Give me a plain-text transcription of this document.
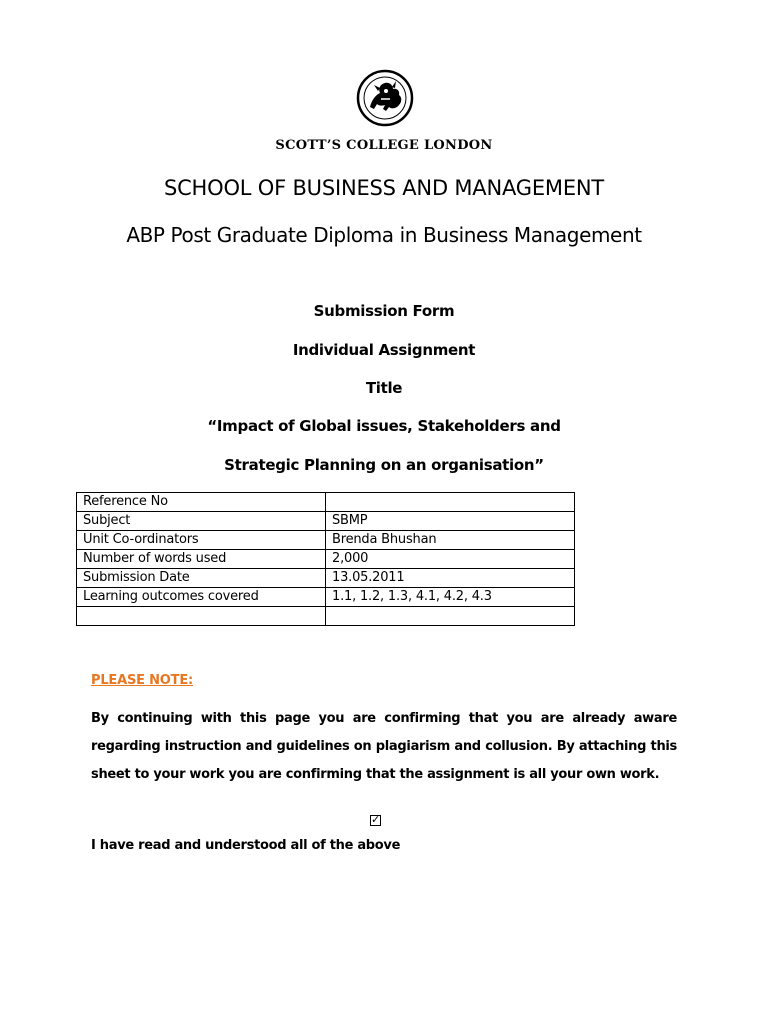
SCOTT’S COLLEGE LONDON
SCHOOL OF BUSINESS AND MANAGEMENT
ABP Post Graduate Diploma in Business Management
Submission Form
Individual Assignment
Title
“Impact of Global issues, Stakeholders and
Strategic Planning on an organisation”
Reference No	
Subject	SBMP
Unit Co-ordinators	Brenda Bhushan
Number of words used	2,000
Submission Date	13.05.2011
Learning outcomes covered	1.1, 1.2, 1.3, 4.1, 4.2, 4.3

PLEASE NOTE:
By continuing with this page you are confirming that you are already aware regarding instruction and guidelines on plagiarism and collusion. By attaching this sheet to your work you are confirming that the assignment is all your own work.
✓
I have read and understood all of the above
